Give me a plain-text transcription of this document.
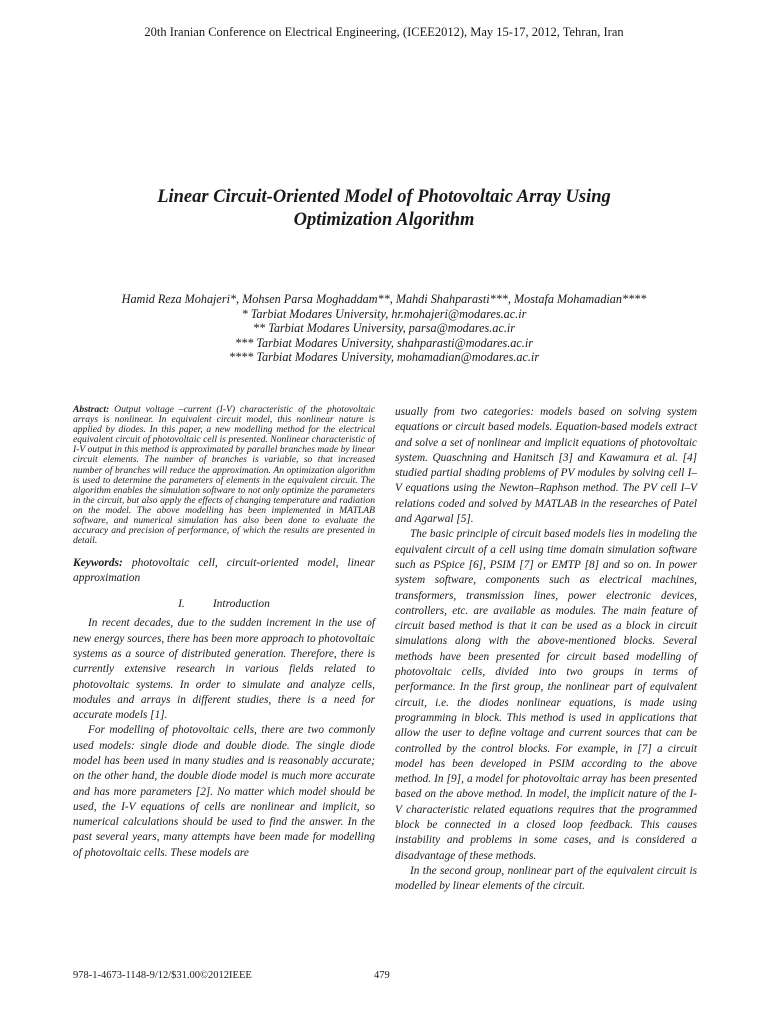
20th Iranian Conference on Electrical Engineering, (ICEE2012), May 15-17, 2012, Tehran, Iran
Linear Circuit-Oriented Model of Photovoltaic Array Using
Optimization Algorithm
Hamid Reza Mohajeri*, Mohsen Parsa Moghaddam**, Mahdi Shahparasti***, Mostafa Mohamadian****
* Tarbiat Modares University, hr.mohajeri@modares.ac.ir
** Tarbiat Modares University, parsa@modares.ac.ir
*** Tarbiat Modares University, shahparasti@modares.ac.ir
**** Tarbiat Modares University, mohamadian@modares.ac.ir

Abstract: Output voltage –current (I-V) characteristic of the photovoltaic arrays is nonlinear. In equivalent circuit model, this nonlinear nature is applied by diodes. In this paper, a new modelling method for the electrical equivalent circuit of photovoltaic cell is presented. Nonlinear characteristic of I-V output in this method is approximated by parallel branches made by linear circuit elements. The number of branches is variable, so that increased number of branches will reduce the approximation. An optimization algorithm is used to determine the parameters of elements in the equivalent circuit. The algorithm enables the simulation software to not only optimize the parameters in the circuit, but also apply the effects of changing temperature and radiation on the model. The above modelling has been implemented in MATLAB software, and numerical simulation has also been done to evaluate the accuracy and precision of performance, of which the results are presented in detail.

Keywords: photovoltaic cell, circuit-oriented model, linear approximation

I. Introduction

In recent decades, due to the sudden increment in the use of new energy sources, there has been more approach to photovoltaic systems as a source of distributed generation. Therefore, there is currently extensive research in various fields related to photovoltaic systems. In order to simulate and analyze cells, modules and arrays in different studies, there is a need for accurate models [1].

For modelling of photovoltaic cells, there are two commonly used models: single diode and double diode. The single diode model has been used in many studies and is reasonably accurate; on the other hand, the double diode model is much more accurate and has more parameters [2]. No matter which model should be used, the I-V equations of cells are nonlinear and implicit, so numerical calculations should be used to find the answer. In the past several years, many attempts have been made for modelling of photovoltaic cells. These models are

usually from two categories: models based on solving system equations or circuit based models. Equation-based models extract and solve a set of nonlinear and implicit equations of photovoltaic system. Quaschning and Hanitsch [3] and Kawamura et al. [4] studied partial shading problems of PV modules by solving cell I–V equations using the Newton–Raphson method. The PV cell I–V relations coded and solved by MATLAB in the researches of Patel and Agarwal [5].

The basic principle of circuit based models lies in modeling the equivalent circuit of a cell using time domain simulation software such as PSpice [6], PSIM [7] or EMTP [8] and so on. In power system software, components such as electrical machines, transformers, transmission lines, power electronic devices, controllers, etc. are available as modules. The main feature of circuit based method is that it can be used as a block in circuit simulations along with the above-mentioned blocks. Several methods have been presented for circuit based modelling of photovoltaic cells, divided into two groups in terms of performance. In the first group, the nonlinear part of equivalent circuit, i.e. the diodes nonlinear equations, is made using programming in block. This method is used in applications that allow the user to define voltage and current sources that can be controlled by the control blocks. For example, in [7] a circuit model has been developed in PSIM according to the above method. In [9], a model for photovoltaic array has been presented based on the above method. In model, the implicit nature of the I-V characteristic related equations requires that the programmed block be connected in a closed loop feedback. This causes instability and problems in some cases, and is considered a disadvantage of these methods.

In the second group, nonlinear part of the equivalent circuit is modelled by linear elements of the circuit.

978-1-4673-1148-9/12/$31.00©2012IEEE	479
